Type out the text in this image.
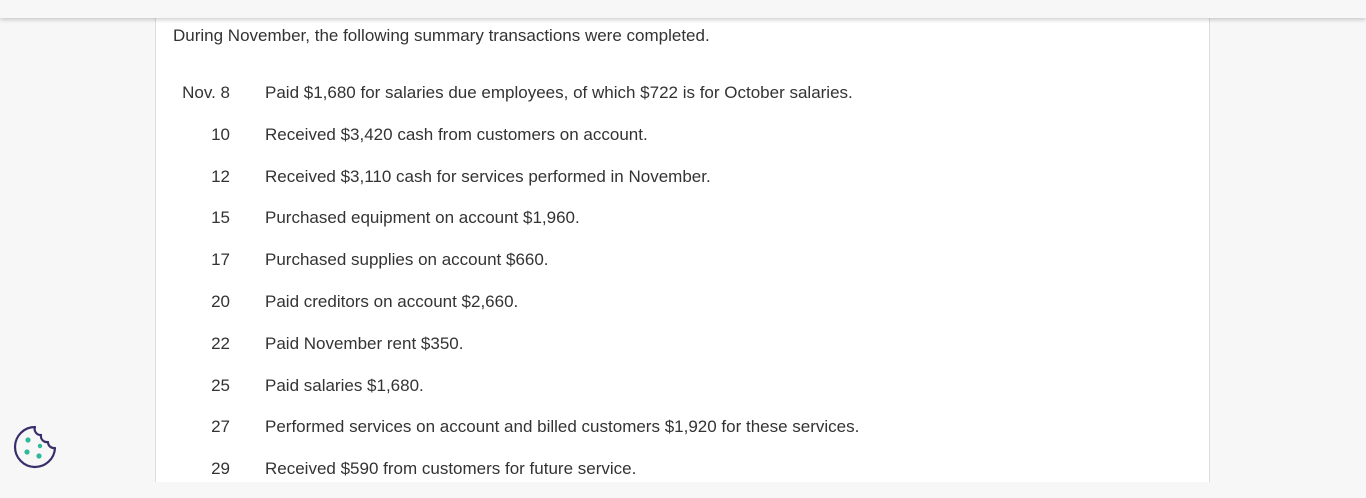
During November, the following summary transactions were completed.
Nov. 8 Paid $1,680 for salaries due employees, of which $722 is for October salaries.
10 Received $3,420 cash from customers on account.
12 Received $3,110 cash for services performed in November.
15 Purchased equipment on account $1,960.
17 Purchased supplies on account $660.
20 Paid creditors on account $2,660.
22 Paid November rent $350.
25 Paid salaries $1,680.
27 Performed services on account and billed customers $1,920 for these services.
29 Received $590 from customers for future service.
